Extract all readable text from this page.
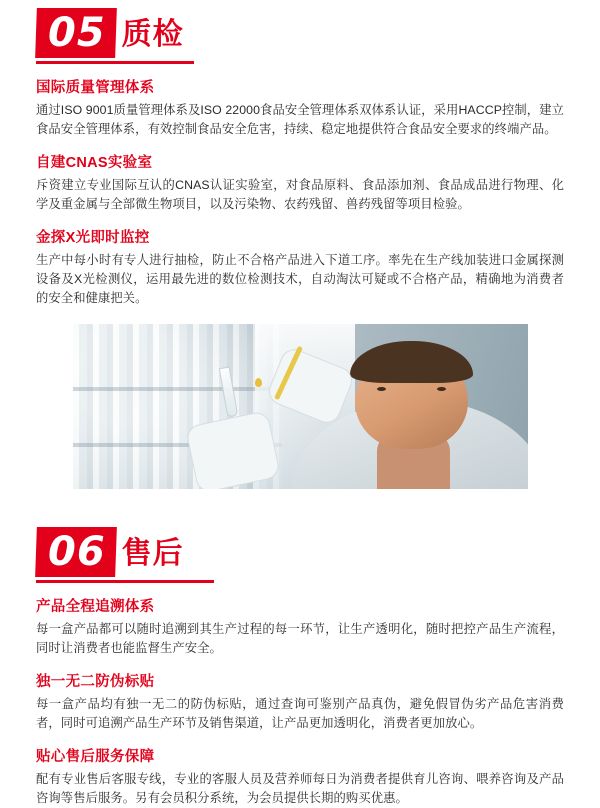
05 质检
国际质量管理体系
通过ISO 9001质量管理体系及ISO 22000食品安全管理体系双体系认证，采用HACCP控制，建立食品安全管理体系，有效控制食品安全危害，持续、稳定地提供符合食品安全要求的终端产品。
自建CNAS实验室
斥资建立专业国际互认的CNAS认证实验室，对食品原料、食品添加剂、食品成品进行物理、化学及重金属与全部微生物项目，以及污染物、农药残留、兽药残留等项目检验。
金探X光即时监控
生产中每小时有专人进行抽检，防止不合格产品进入下道工序。率先在生产线加装进口金属探测设备及X光检测仪，运用最先进的数位检测技术，自动淘汰可疑或不合格产品，精确地为消费者的安全和健康把关。
06 售后
产品全程追溯体系
每一盒产品都可以随时追溯到其生产过程的每一环节，让生产透明化，随时把控产品生产流程，同时让消费者也能监督生产安全。
独一无二防伪标贴
每一盒产品均有独一无二的防伪标贴，通过查询可鉴别产品真伪，避免假冒伪劣产品危害消费者，同时可追溯产品生产环节及销售渠道，让产品更加透明化，消费者更加放心。
贴心售后服务保障
配有专业售后客服专线，专业的客服人员及营养师每日为消费者提供育儿咨询、喂养咨询及产品咨询等售后服务。另有会员积分系统，为会员提供长期的购买优惠。
